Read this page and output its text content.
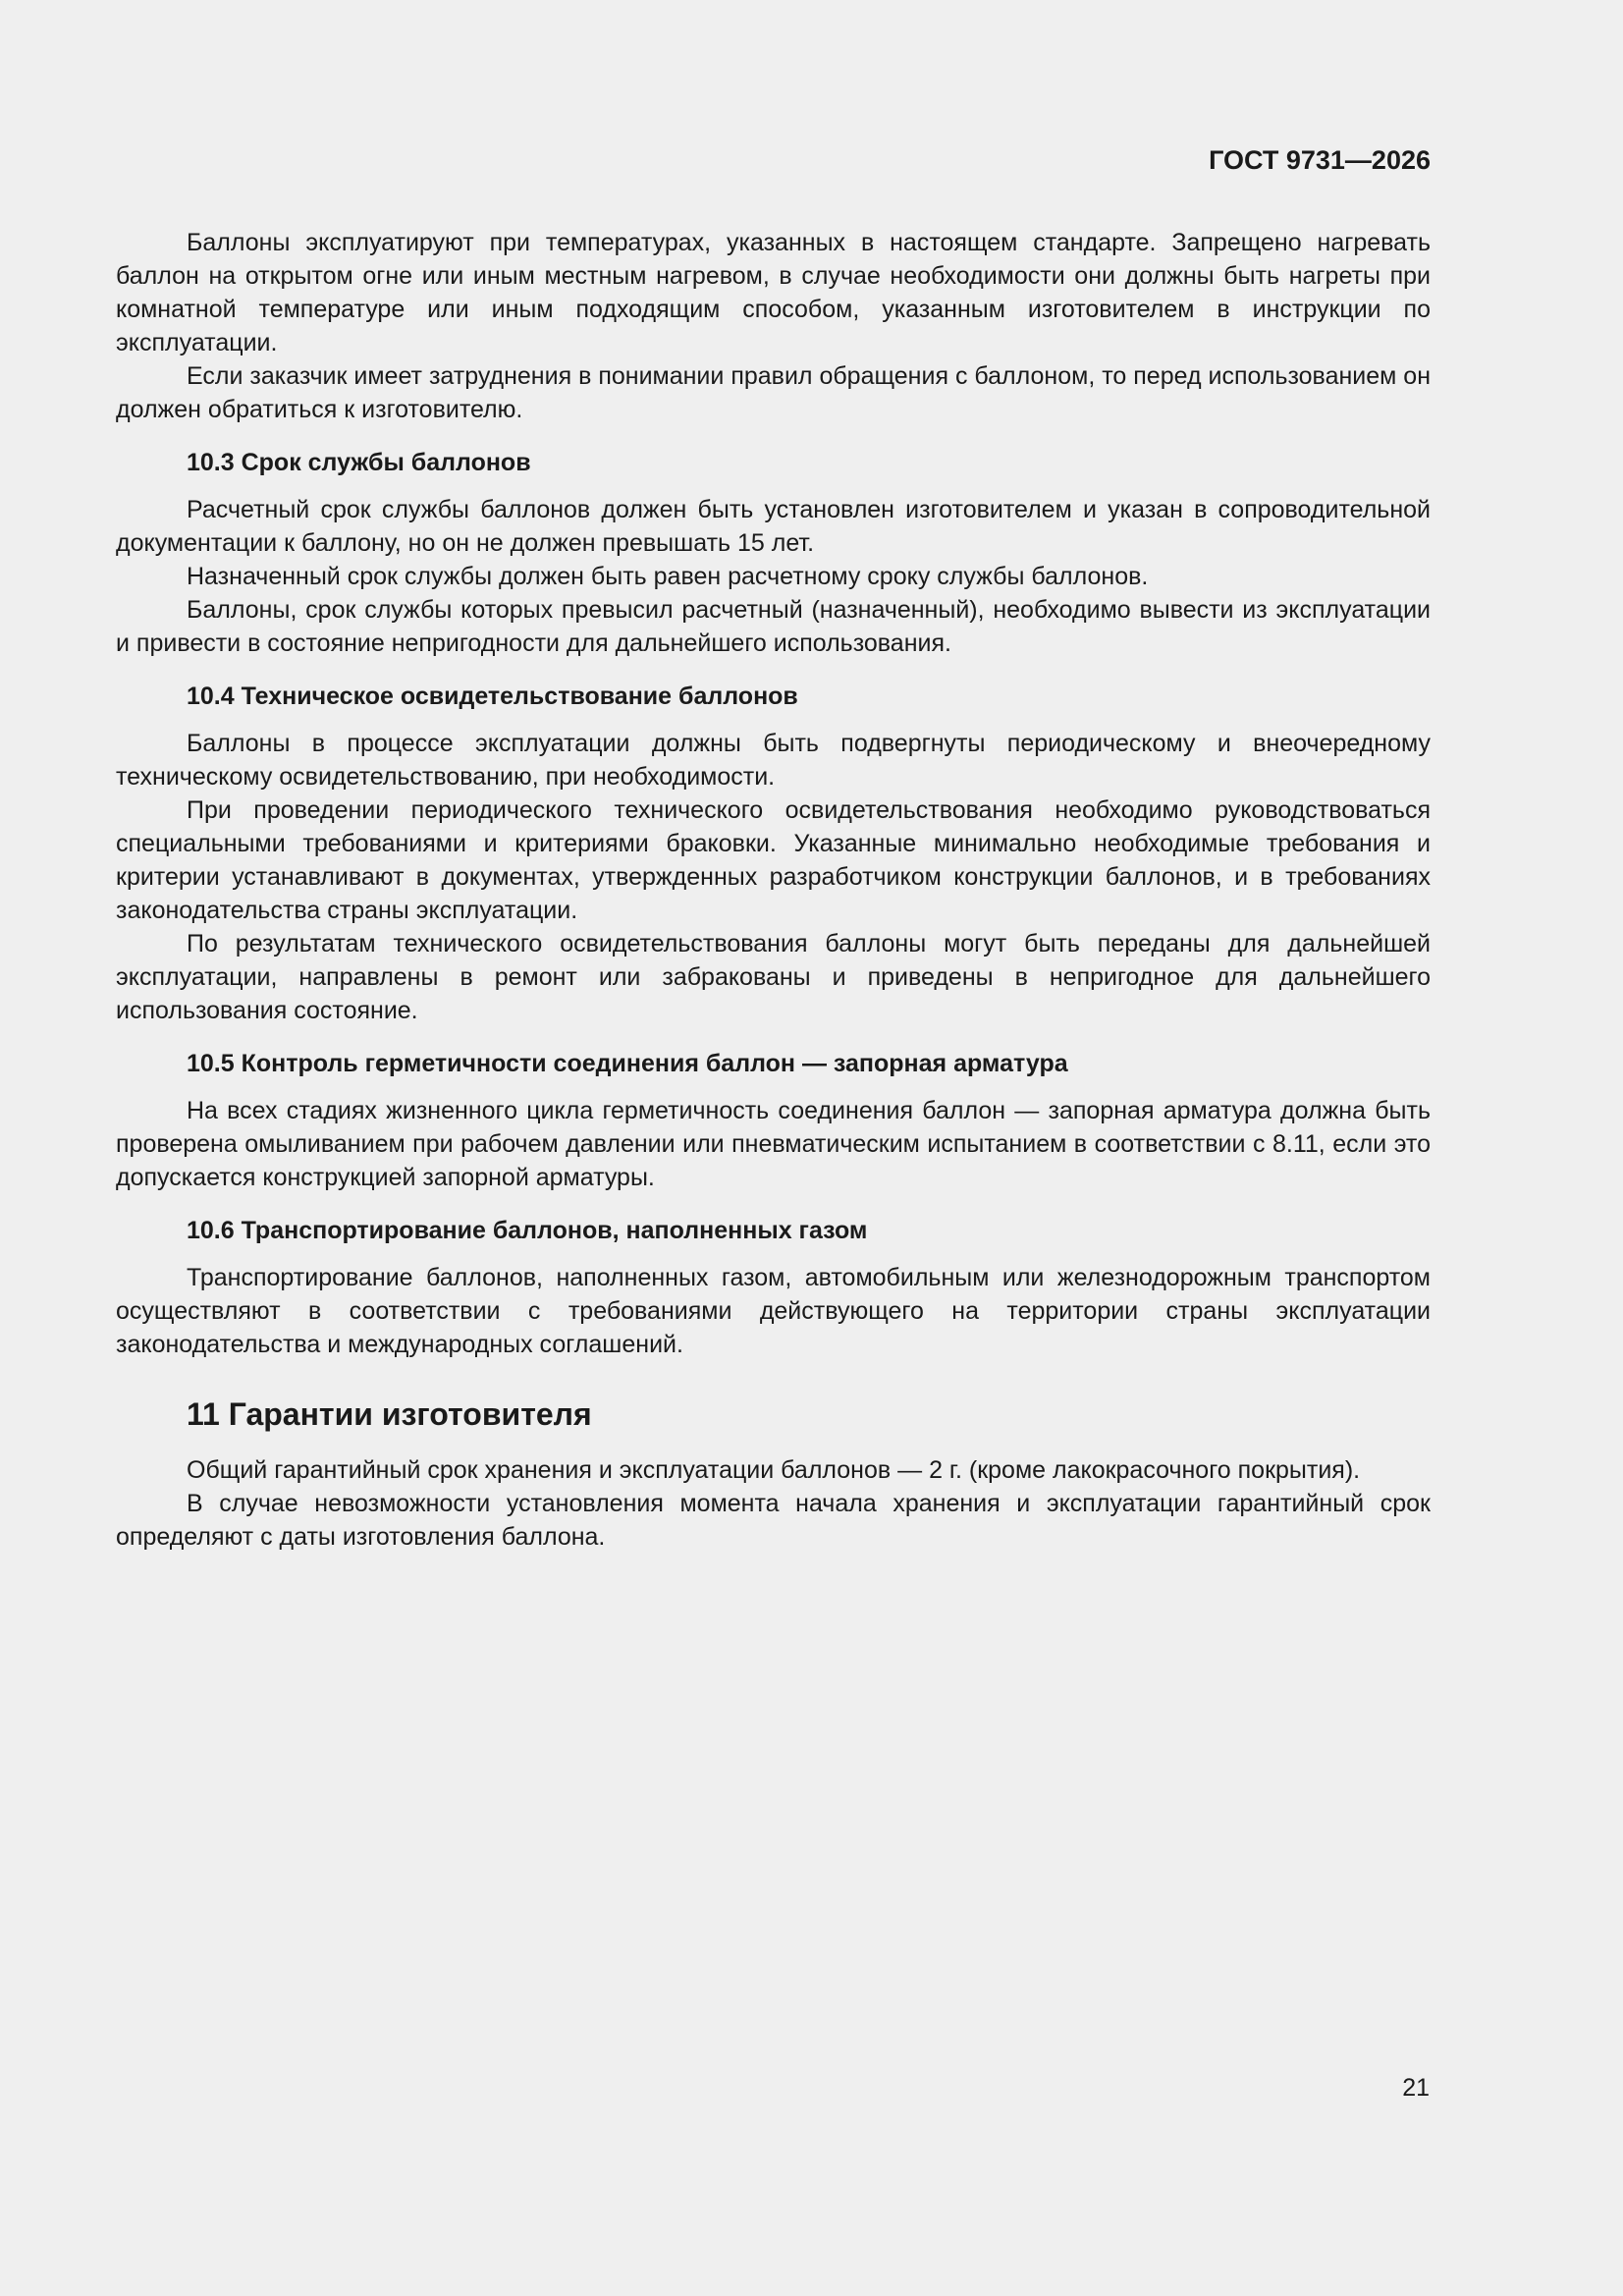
ГОСТ 9731—2026

Баллоны эксплуатируют при температурах, указанных в настоящем стандарте. Запрещено нагревать баллон на открытом огне или иным местным нагревом, в случае необходимости они должны быть нагреты при комнатной температуре или иным подходящим способом, указанным изготовителем в инструкции по эксплуатации.

Если заказчик имеет затруднения в понимании правил обращения с баллоном, то перед использованием он должен обратиться к изготовителю.

10.3 Срок службы баллонов

Расчетный срок службы баллонов должен быть установлен изготовителем и указан в сопроводительной документации к баллону, но он не должен превышать 15 лет.

Назначенный срок службы должен быть равен расчетному сроку службы баллонов.

Баллоны, срок службы которых превысил расчетный (назначенный), необходимо вывести из эксплуатации и привести в состояние непригодности для дальнейшего использования.

10.4 Техническое освидетельствование баллонов

Баллоны в процессе эксплуатации должны быть подвергнуты периодическому и внеочередному техническому освидетельствованию, при необходимости.

При проведении периодического технического освидетельствования необходимо руководствоваться специальными требованиями и критериями браковки. Указанные минимально необходимые требования и критерии устанавливают в документах, утвержденных разработчиком конструкции баллонов, и в требованиях законодательства страны эксплуатации.

По результатам технического освидетельствования баллоны могут быть переданы для дальнейшей эксплуатации, направлены в ремонт или забракованы и приведены в непригодное для дальнейшего использования состояние.

10.5 Контроль герметичности соединения баллон — запорная арматура

На всех стадиях жизненного цикла герметичность соединения баллон — запорная арматура должна быть проверена омыливанием при рабочем давлении или пневматическим испытанием в соответствии с 8.11, если это допускается конструкцией запорной арматуры.

10.6 Транспортирование баллонов, наполненных газом

Транспортирование баллонов, наполненных газом, автомобильным или железнодорожным транспортом осуществляют в соответствии с требованиями действующего на территории страны эксплуатации законодательства и международных соглашений.

11 Гарантии изготовителя

Общий гарантийный срок хранения и эксплуатации баллонов — 2 г. (кроме лакокрасочного покрытия).

В случае невозможности установления момента начала хранения и эксплуатации гарантийный срок определяют с даты изготовления баллона.

21
